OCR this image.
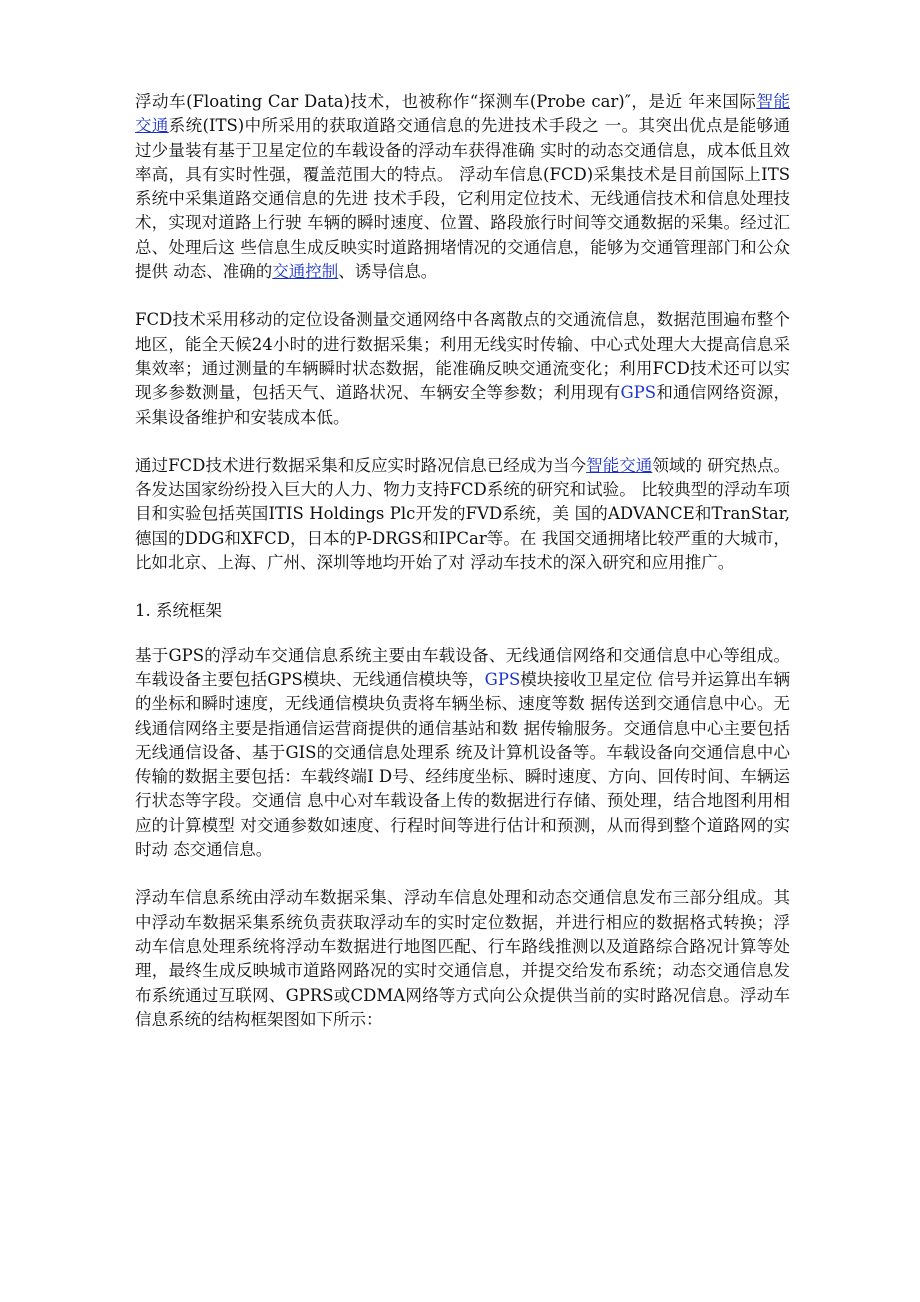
浮动车(Floating Car Data)技术，也被称作“探测车(Probe car)″，是近 年来国际智能交通系统(ITS)中所采用的获取道路交通信息的先进技术手段之 一。其突出优点是能够通过少量装有基于卫星定位的车载设备的浮动车获得准确 实时的动态交通信息，成本低且效率高，具有实时性强，覆盖范围大的特点。 浮动车信息(FCD)采集技术是目前国际上ITS系统中采集道路交通信息的先进 技术手段，它利用定位技术、无线通信技术和信息处理技术，实现对道路上行驶 车辆的瞬时速度、位置、路段旅行时间等交通数据的采集。经过汇总、处理后这 些信息生成反映实时道路拥堵情况的交通信息，能够为交通管理部门和公众提供 动态、准确的交通控制、诱导信息。

FCD技术采用移动的定位设备测量交通网络中各离散点的交通流信息，数据范围遍布整个地区，能全天候24小时的进行数据采集；利用无线实时传输、中心式处理大大提高信息采集效率；通过测量的车辆瞬时状态数据，能准确反映交通流变化；利用FCD技术还可以实现多参数测量，包括天气、道路状况、车辆安全等参数；利用现有GPS和通信网络资源，采集设备维护和安装成本低。

通过FCD技术进行数据采集和反应实时路况信息已经成为当今智能交通领域的 研究热点。各发达国家纷纷投入巨大的人力、物力支持FCD系统的研究和试验。 比较典型的浮动车项目和实验包括英国ITIS Holdings Plc开发的FVD系统，美 国的ADVANCE和TranStar,德国的DDG和XFCD，日本的P-DRGS和IPCar等。在 我国交通拥堵比较严重的大城市，比如北京、上海、广州、深圳等地均开始了对 浮动车技术的深入研究和应用推广。

1. 系统框架

基于GPS的浮动车交通信息系统主要由车载设备、无线通信网络和交通信息中心等组成。车载设备主要包括GPS模块、无线通信模块等，GPS模块接收卫星定位 信号并运算出车辆的坐标和瞬时速度，无线通信模块负责将车辆坐标、速度等数 据传送到交通信息中心。无线通信网络主要是指通信运营商提供的通信基站和数 据传输服务。交通信息中心主要包括无线通信设备、基于GIS的交通信息处理系 统及计算机设备等。车载设备向交通信息中心传输的数据主要包括：车载终端I D号、经纬度坐标、瞬时速度、方向、回传时间、车辆运行状态等字段。交通信 息中心对车载设备上传的数据进行存储、预处理，结合地图利用相应的计算模型 对交通参数如速度、行程时间等进行估计和预测，从而得到整个道路网的实时动 态交通信息。

浮动车信息系统由浮动车数据采集、浮动车信息处理和动态交通信息发布三部分组成。其中浮动车数据采集系统负责获取浮动车的实时定位数据，并进行相应的数据格式转换；浮动车信息处理系统将浮动车数据进行地图匹配、行车路线推测以及道路综合路况计算等处理，最终生成反映城市道路网路况的实时交通信息，并提交给发布系统；动态交通信息发布系统通过互联网、GPRS或CDMA网络等方式向公众提供当前的实时路况信息。浮动车信息系统的结构框架图如下所示：
